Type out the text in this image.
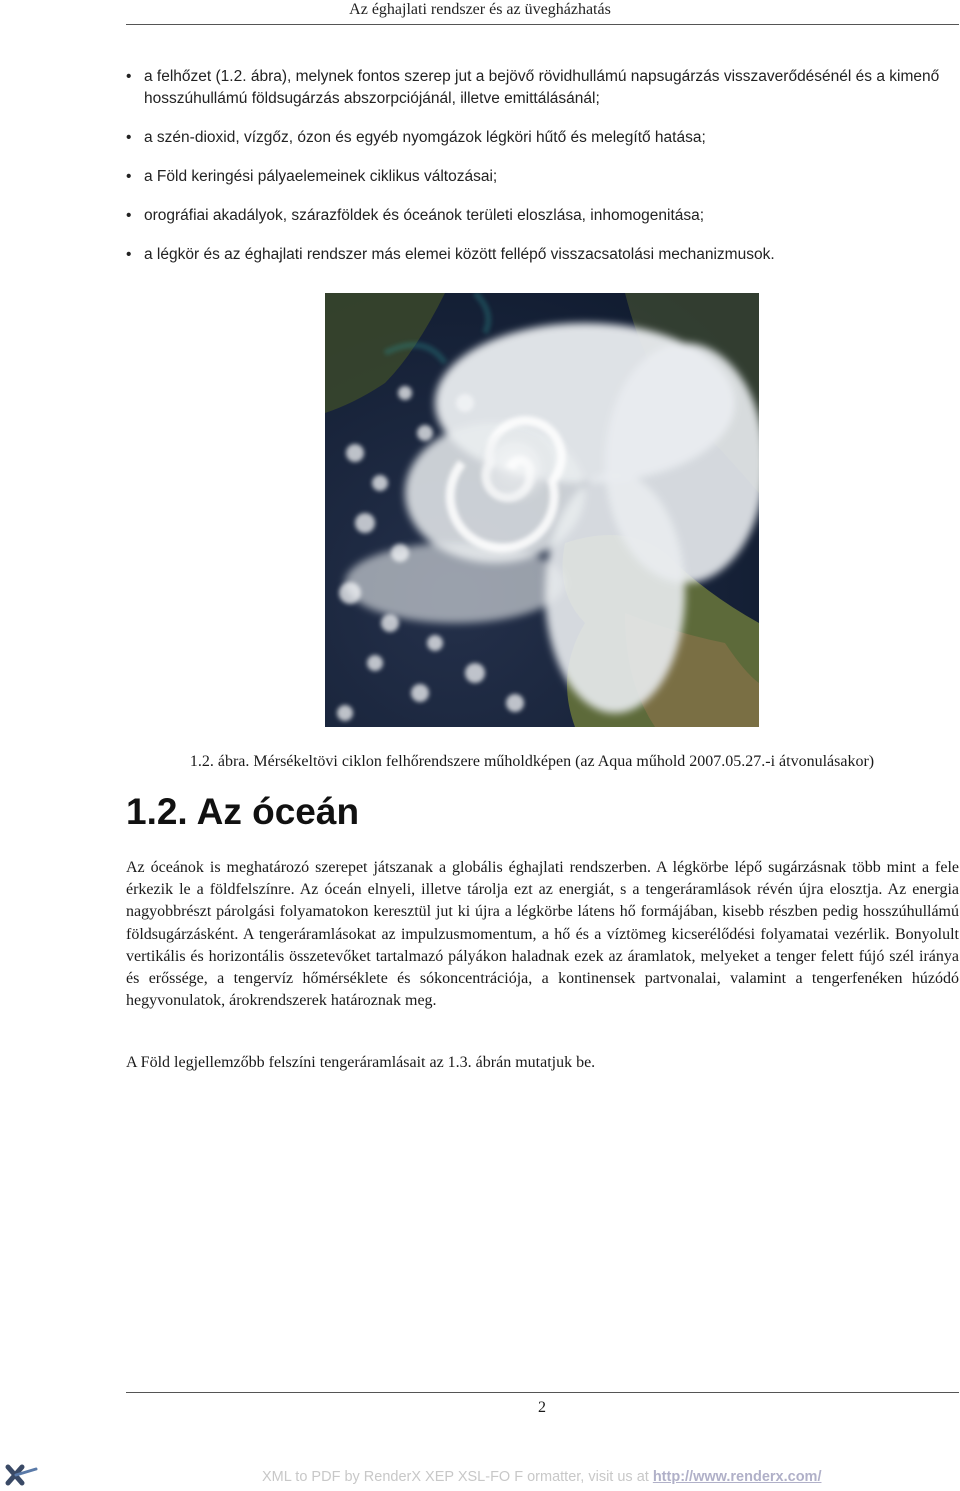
Az éghajlati rendszer és az üvegházhatás
• a felhőzet (1.2. ábra), melynek fontos szerep jut a bejövő rövidhullámú napsugárzás visszaverődésénél és a kimenő hosszúhullámú földsugárzás abszorpciójánál, illetve emittálásánál;
• a szén-dioxid, vízgőz, ózon és egyéb nyomgázok légköri hűtő és melegítő hatása;
• a Föld keringési pályaelemeinek ciklikus változásai;
• orográfiai akadályok, szárazföldek és óceánok területi eloszlása, inhomogenitása;
• a légkör és az éghajlati rendszer más elemei között fellépő visszacsatolási mechanizmusok.
1.2. ábra. Mérsékeltövi ciklon felhőrendszere műholdképen (az Aqua műhold 2007.05.27.-i átvonulásakor)
1.2. Az óceán

Az óceánok is meghatározó szerepet játszanak a globális éghajlati rendszerben. A légkörbe lépő sugárzásnak több mint a fele érkezik le a földfelszínre. Az óceán elnyeli, illetve tárolja ezt az energiát, s a tengeráramlások révén újra elosztja. Az energia nagyobbrészt párolgási folyamatokon keresztül jut ki újra a légkörbe látens hő formájában, kisebb részben pedig hosszúhullámú földsugárzásként. A tengeráramlásokat az impulzusmomentum, a hő és a víztömeg kicserélődési folyamatai vezérlik. Bonyolult vertikális és horizontális összetevőket tartalmazó pályákon haladnak ezek az áramlatok, melyeket a tenger felett fújó szél iránya és erőssége, a tengervíz hőmérséklete és sókoncentrációja, a kontinensek partvonalai, valamint a tengerfenéken húzódó hegyvonulatok, árokrendszerek határoznak meg.

A Föld legjellemzőbb felszíni tengeráramlásait az 1.3. ábrán mutatjuk be.

2
XML to PDF by RenderX XEP XSL-FO F ormatter, visit us at http://www.renderx.com/
